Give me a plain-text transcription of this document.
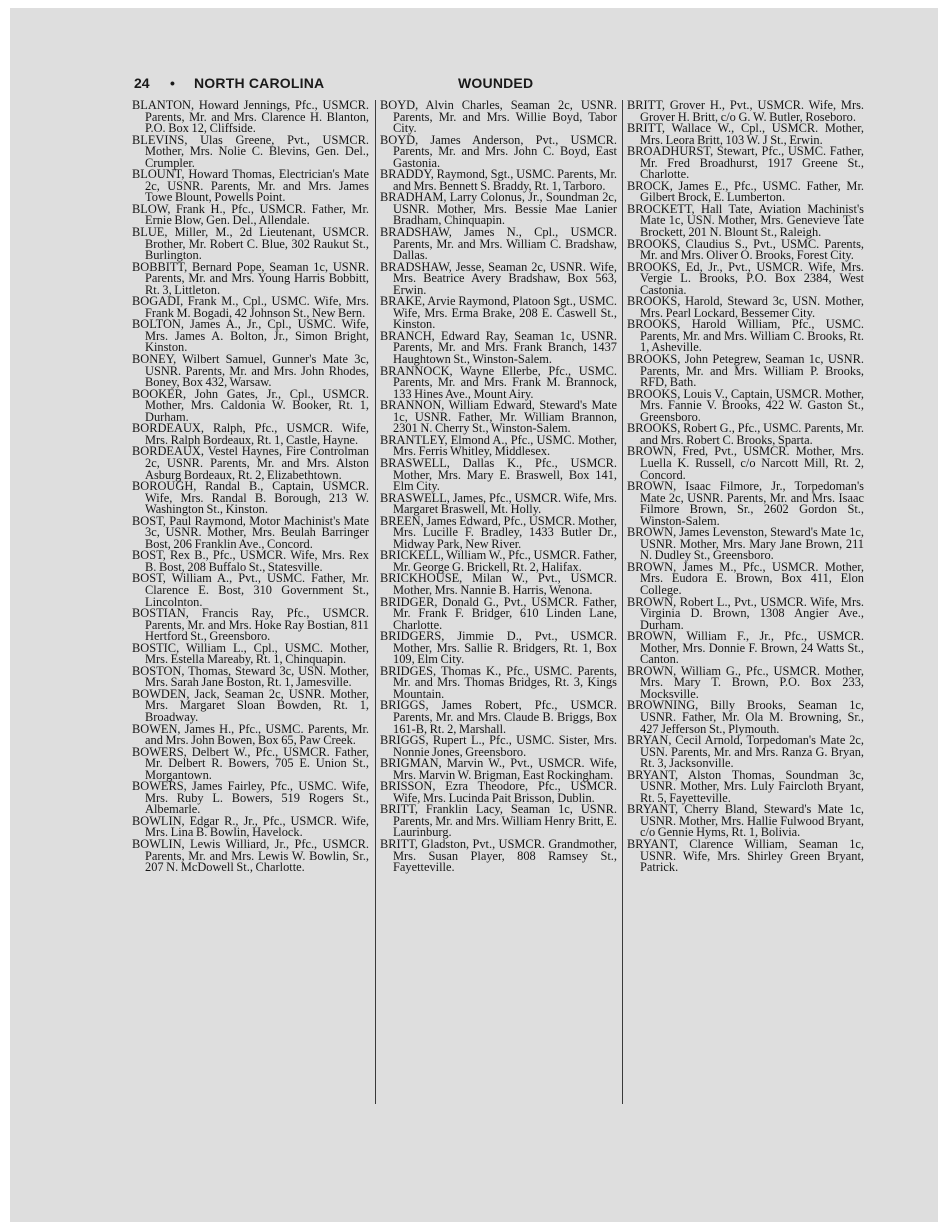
24 • NORTH CAROLINA	WOUNDED

BLANTON, Howard Jennings, Pfc., USMCR. Parents, Mr. and Mrs. Clarence H. Blanton, P.O. Box 12, Cliffside.

BLEVINS, Ulas Greene, Pvt., USMCR. Mother, Mrs. Nolie C. Blevins, Gen. Del., Crumpler.

BLOUNT, Howard Thomas, Electrician's Mate 2c, USNR. Parents, Mr. and Mrs. James Towe Blount, Powells Point.

BLOW, Frank H., Pfc., USMCR. Father, Mr. Ernie Blow, Gen. Del., Allendale.

BLUE, Miller, M., 2d Lieutenant, USMCR. Brother, Mr. Robert C. Blue, 302 Raukut St., Burlington.

BOBBITT, Bernard Pope, Seaman 1c, USNR. Parents, Mr. and Mrs. Young Harris Bobbitt, Rt. 3, Littleton.

BOGADI, Frank M., Cpl., USMC. Wife, Mrs. Frank M. Bogadi, 42 Johnson St., New Bern.

BOLTON, James A., Jr., Cpl., USMC. Wife, Mrs. James A. Bolton, Jr., Simon Bright, Kinston.

BONEY, Wilbert Samuel, Gunner's Mate 3c, USNR. Parents, Mr. and Mrs. John Rhodes, Boney, Box 432, Warsaw.

BOOKER, John Gates, Jr., Cpl., USMCR. Mother, Mrs. Caldonia W. Booker, Rt. 1, Durham.

BORDEAUX, Ralph, Pfc., USMCR. Wife, Mrs. Ralph Bordeaux, Rt. 1, Castle, Hayne.

BORDEAUX, Vestel Haynes, Fire Controlman 2c, USNR. Parents, Mr. and Mrs. Alston Asburg Bordeaux, Rt. 2, Elizabethtown.

BOROUGH, Randal B., Captain, USMCR. Wife, Mrs. Randal B. Borough, 213 W. Washington St., Kinston.

BOST, Paul Raymond, Motor Machinist's Mate 3c, USNR. Mother, Mrs. Beulah Barringer Bost, 206 Franklin Ave., Concord.

BOST, Rex B., Pfc., USMCR. Wife, Mrs. Rex B. Bost, 208 Buffalo St., Statesville.

BOST, William A., Pvt., USMC. Father, Mr. Clarence E. Bost, 310 Government St., Lincolnton.

BOSTIAN, Francis Ray, Pfc., USMCR. Parents, Mr. and Mrs. Hoke Ray Bostian, 811 Hertford St., Greensboro.

BOSTIC, William L., Cpl., USMC. Mother, Mrs. Estella Mareaby, Rt. 1, Chinquapin.

BOSTON, Thomas, Steward 3c, USN. Mother, Mrs. Sarah Jane Boston, Rt. 1, Jamesville.

BOWDEN, Jack, Seaman 2c, USNR. Mother, Mrs. Margaret Sloan Bowden, Rt. 1, Broadway.

BOWEN, James H., Pfc., USMC. Parents, Mr. and Mrs. John Bowen, Box 65, Paw Creek.

BOWERS, Delbert W., Pfc., USMCR. Father, Mr. Delbert R. Bowers, 705 E. Union St., Morgantown.

BOWERS, James Fairley, Pfc., USMC. Wife, Mrs. Ruby L. Bowers, 519 Rogers St., Albemarle.

BOWLIN, Edgar R., Jr., Pfc., USMCR. Wife, Mrs. Lina B. Bowlin, Havelock.

BOWLIN, Lewis Williard, Jr., Pfc., USMCR. Parents, Mr. and Mrs. Lewis W. Bowlin, Sr., 207 N. McDowell St., Charlotte.

BOYD, Alvin Charles, Seaman 2c, USNR. Parents, Mr. and Mrs. Willie Boyd, Tabor City.

BOYD, James Anderson, Pvt., USMCR. Parents, Mr. and Mrs. John C. Boyd, East Gastonia.

BRADDY, Raymond, Sgt., USMC. Parents, Mr. and Mrs. Bennett S. Braddy, Rt. 1, Tarboro.

BRADHAM, Larry Colonus, Jr., Soundman 2c, USNR. Mother, Mrs. Bessie Mae Lanier Bradham, Chinquapin.

BRADSHAW, James N., Cpl., USMCR. Parents, Mr. and Mrs. William C. Bradshaw, Dallas.

BRADSHAW, Jesse, Seaman 2c, USNR. Wife, Mrs. Beatrice Avery Bradshaw, Box 563, Erwin.

BRAKE, Arvie Raymond, Platoon Sgt., USMC. Wife, Mrs. Erma Brake, 208 E. Caswell St., Kinston.

BRANCH, Edward Ray, Seaman 1c, USNR. Parents, Mr. and Mrs. Frank Branch, 1437 Haughtown St., Winston-Salem.

BRANNOCK, Wayne Ellerbe, Pfc., USMC. Parents, Mr. and Mrs. Frank M. Brannock, 133 Hines Ave., Mount Airy.

BRANNON, William Edward, Steward's Mate 1c, USNR. Father, Mr. William Brannon, 2301 N. Cherry St., Winston-Salem.

BRANTLEY, Elmond A., Pfc., USMC. Mother, Mrs. Ferris Whitley, Middlesex.

BRASWELL, Dallas K., Pfc., USMCR. Mother, Mrs. Mary E. Braswell, Box 141, Elm City.

BRASWELL, James, Pfc., USMCR. Wife, Mrs. Margaret Braswell, Mt. Holly.

BREEN, James Edward, Pfc., USMCR. Mother, Mrs. Lucille F. Bradley, 1433 Butler Dr., Midway Park, New River.

BRICKELL, William W., Pfc., USMCR. Father, Mr. George G. Brickell, Rt. 2, Halifax.

BRICKHOUSE, Milan W., Pvt., USMCR. Mother, Mrs. Nannie B. Harris, Wenona.

BRIDGER, Donald G., Pvt., USMCR. Father, Mr. Frank F. Bridger, 610 Linden Lane, Charlotte.

BRIDGERS, Jimmie D., Pvt., USMCR. Mother, Mrs. Sallie R. Bridgers, Rt. 1, Box 109, Elm City.

BRIDGES, Thomas K., Pfc., USMC. Parents, Mr. and Mrs. Thomas Bridges, Rt. 3, Kings Mountain.

BRIGGS, James Robert, Pfc., USMCR. Parents, Mr. and Mrs. Claude B. Briggs, Box 161-B, Rt. 2, Marshall.

BRIGGS, Rupert L., Pfc., USMC. Sister, Mrs. Nonnie Jones, Greensboro.

BRIGMAN, Marvin W., Pvt., USMCR. Wife, Mrs. Marvin W. Brigman, East Rockingham.

BRISSON, Ezra Theodore, Pfc., USMCR. Wife, Mrs. Lucinda Pait Brisson, Dublin.

BRITT, Franklin Lacy, Seaman 1c, USNR. Parents, Mr. and Mrs. William Henry Britt, E. Laurinburg.

BRITT, Gladston, Pvt., USMCR. Grandmother, Mrs. Susan Player, 808 Ramsey St., Fayetteville.

BRITT, Grover H., Pvt., USMCR. Wife, Mrs. Grover H. Britt, c/o G. W. Butler, Roseboro.

BRITT, Wallace W., Cpl., USMCR. Mother, Mrs. Leora Britt, 103 W. J St., Erwin.

BROADHURST, Stewart, Pfc., USMC. Father, Mr. Fred Broadhurst, 1917 Greene St., Charlotte.

BROCK, James E., Pfc., USMC. Father, Mr. Gilbert Brock, E. Lumberton.

BROCKETT, Hall Tate, Aviation Machinist's Mate 1c, USN. Mother, Mrs. Genevieve Tate Brockett, 201 N. Blount St., Raleigh.

BROOKS, Claudius S., Pvt., USMC. Parents, Mr. and Mrs. Oliver O. Brooks, Forest City.

BROOKS, Ed, Jr., Pvt., USMCR. Wife, Mrs. Vergie L. Brooks, P.O. Box 2384, West Castonia.

BROOKS, Harold, Steward 3c, USN. Mother, Mrs. Pearl Lockard, Bessemer City.

BROOKS, Harold William, Pfc., USMC. Parents, Mr. and Mrs. William C. Brooks, Rt. 1, Asheville.

BROOKS, John Petegrew, Seaman 1c, USNR. Parents, Mr. and Mrs. William P. Brooks, RFD, Bath.

BROOKS, Louis V., Captain, USMCR. Mother, Mrs. Fannie V. Brooks, 422 W. Gaston St., Greensboro.

BROOKS, Robert G., Pfc., USMC. Parents, Mr. and Mrs. Robert C. Brooks, Sparta.

BROWN, Fred, Pvt., USMCR. Mother, Mrs. Luella K. Russell, c/o Narcott Mill, Rt. 2, Concord.

BROWN, Isaac Filmore, Jr., Torpedoman's Mate 2c, USNR. Parents, Mr. and Mrs. Isaac Filmore Brown, Sr., 2602 Gordon St., Winston-Salem.

BROWN, James Levenston, Steward's Mate 1c, USNR. Mother, Mrs. Mary Jane Brown, 211 N. Dudley St., Greensboro.

BROWN, James M., Pfc., USMCR. Mother, Mrs. Eudora E. Brown, Box 411, Elon College.

BROWN, Robert L., Pvt., USMCR. Wife, Mrs. Virginia D. Brown, 1308 Angier Ave., Durham.

BROWN, William F., Jr., Pfc., USMCR. Mother, Mrs. Donnie F. Brown, 24 Watts St., Canton.

BROWN, William G., Pfc., USMCR. Mother, Mrs. Mary T. Brown, P.O. Box 233, Mocksville.

BROWNING, Billy Brooks, Seaman 1c, USNR. Father, Mr. Ola M. Browning, Sr., 427 Jefferson St., Plymouth.

BRYAN, Cecil Arnold, Torpedoman's Mate 2c, USN. Parents, Mr. and Mrs. Ranza G. Bryan, Rt. 3, Jacksonville.

BRYANT, Alston Thomas, Soundman 3c, USNR. Mother, Mrs. Luly Faircloth Bryant, Rt. 5, Fayetteville.

BRYANT, Cherry Bland, Steward's Mate 1c, USNR. Mother, Mrs. Hallie Fulwood Bryant, c/o Gennie Hyms, Rt. 1, Bolivia.

BRYANT, Clarence William, Seaman 1c, USNR. Wife, Mrs. Shirley Green Bryant, Patrick.
